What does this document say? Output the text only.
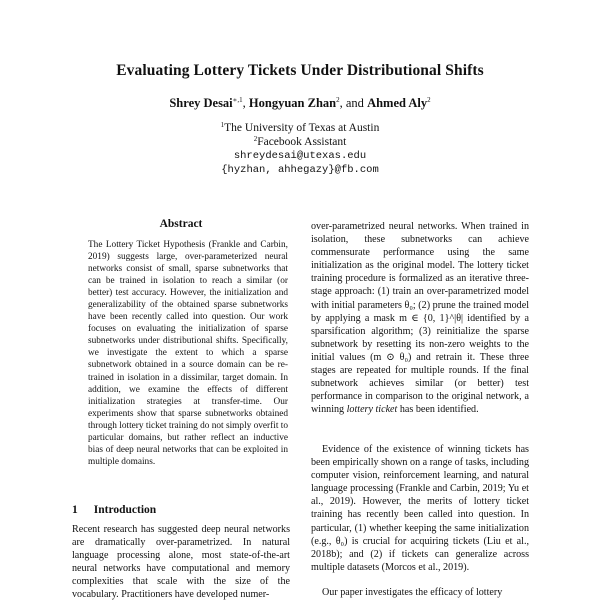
Evaluating Lottery Tickets Under Distributional Shifts
Shrey Desai$^{∗,1}$, Hongyuan Zhan$^2$, and Ahmed Aly$^2$
$^1$The University of Texas at Austin
$^2$Facebook Assistant
shreydesai@utexas.edu
{hyzhan, ahhegazy}@fb.com
Abstract
The Lottery Ticket Hypothesis (Frankle and Carbin, 2019) suggests large, over-parameterized neural networks consist of small, sparse subnetworks that can be trained in isolation to reach a similar (or better) test accuracy. However, the initialization and generalizability of the obtained sparse subnetworks have been recently called into question. Our work focuses on evaluating the initialization of sparse subnetworks under distributional shifts. Specifically, we investigate the extent to which a sparse subnetwork obtained in a source domain can be re-trained in isolation in a dissimilar, target domain. In addition, we examine the effects of different initialization strategies at transfer-time. Our experiments show that sparse subnetworks obtained through lottery ticket training do not simply overfit to particular domains, but rather reflect an inductive bias of deep neural networks that can be exploited in multiple domains.
1 Introduction
Recent research has suggested deep neural networks are dramatically over-parametrized. In natural language processing alone, most state-of-the-art neural networks have computational and memory complexities that scale with the size of the vocabulary. Practitioners have developed numer-
over-parametrized neural networks. When trained in isolation, these subnetworks can achieve commensurate performance using the same initialization as the original model. The lottery ticket training procedure is formalized as an iterative three-stage approach: (1) train an over-parametrized model with initial parameters θ₀; (2) prune the trained model by applying a mask m ∈ {0, 1}^|θ| identified by a sparsification algorithm; (3) reinitialize the sparse subnetwork by resetting its non-zero weights to the initial values (m ⊙ θ₀) and retrain it. These three stages are repeated for multiple rounds. If the final subnetwork achieves similar (or better) test performance in comparison to the original network, a winning lottery ticket has been identified.
Evidence of the existence of winning tickets has been empirically shown on a range of tasks, including computer vision, reinforcement learning, and natural language processing (Frankle and Carbin, 2019; Yu et al., 2019). However, the merits of lottery ticket training has recently been called into question. In particular, (1) whether keeping the same initialization (e.g., θ₀) is crucial for acquiring tickets (Liu et al., 2018b); and (2) if tickets can generalize across multiple datasets (Morcos et al., 2019).
Our paper investigates the efficacy of lottery
